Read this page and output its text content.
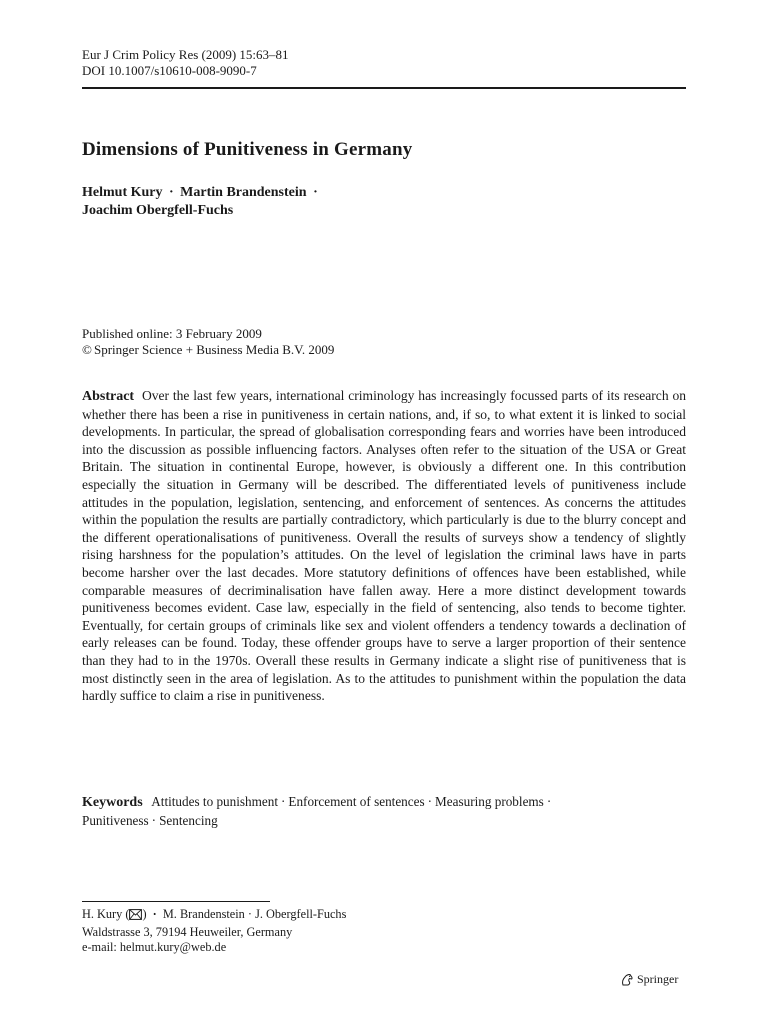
Eur J Crim Policy Res (2009) 15:63–81
DOI 10.1007/s10610-008-9090-7
Dimensions of Punitiveness in Germany
Helmut Kury · Martin Brandenstein ·
Joachim Obergfell-Fuchs
Published online: 3 February 2009
© Springer Science + Business Media B.V. 2009

Abstract Over the last few years, international criminology has increasingly focussed parts of its research on whether there has been a rise in punitiveness in certain nations, and, if so, to what extent it is linked to social developments. In particular, the spread of globalisation corresponding fears and worries have been introduced into the discussion as possible influencing factors. Analyses often refer to the situation of the USA or Great Britain. The situation in continental Europe, however, is obviously a different one. In this contribution especially the situation in Germany will be described. The differentiated levels of punitiveness include attitudes in the population, legislation, sentencing, and enforcement of sentences. As concerns the attitudes within the population the results are partially contradictory, which particularly is due to the blurry concept and the different operationalisations of punitiveness. Overall the results of surveys show a tendency of slightly rising harshness for the population’s attitudes. On the level of legislation the criminal laws have in parts become harsher over the last decades. More statutory definitions of offences have been established, while comparable measures of decriminalisation have fallen away. Here a more distinct development towards punitiveness becomes evident. Case law, especially in the field of sentencing, also tends to become tighter. Eventually, for certain groups of criminals like sex and violent offenders a tendency towards a declination of early releases can be found. Today, these offender groups have to serve a larger proportion of their sentence than they had to in the 1970s. Overall these results in Germany indicate a slight rise of punitiveness that is most distinctly seen in the area of legislation. As to the attitudes to punishment within the population the data hardly suffice to claim a rise in punitiveness.

Keywords Attitudes to punishment · Enforcement of sentences · Measuring problems ·
Punitiveness · Sentencing

H. Kury ( ) · M. Brandenstein · J. Obergfell-Fuchs
Waldstrasse 3, 79194 Heuweiler, Germany
e-mail: helmut.kury@web.de
Springer
